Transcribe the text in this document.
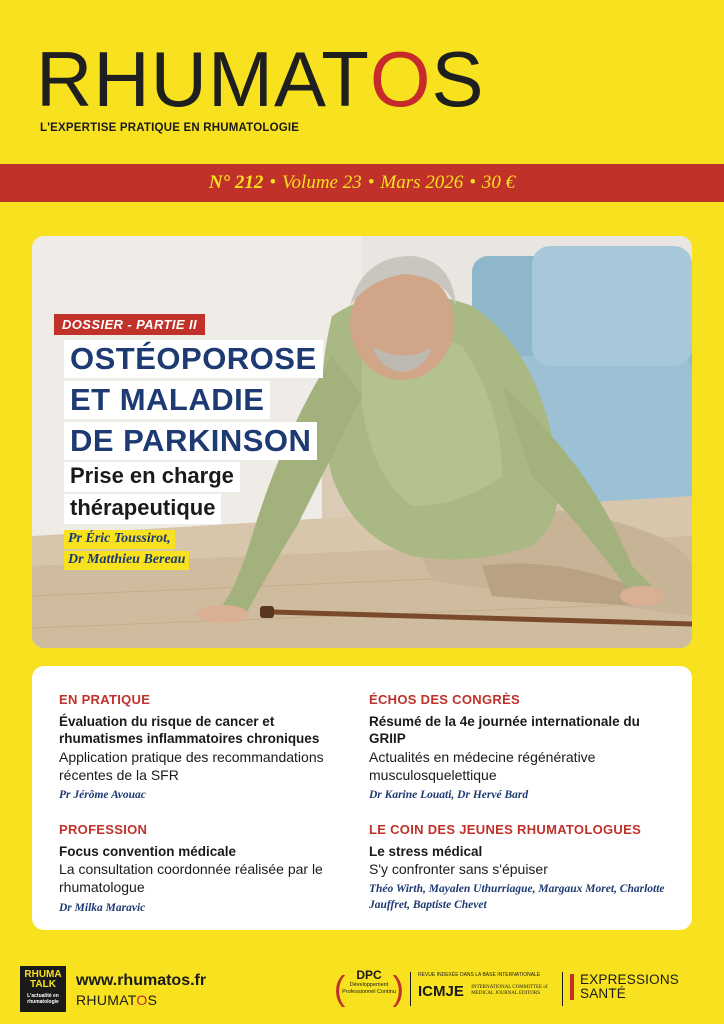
RHUMATOS
L'EXPERTISE PRATIQUE EN RHUMATOLOGIE
N° 212 • Volume 23 • Mars 2026 • 30 €
DOSSIER - PARTIE II
OSTÉOPOROSE
ET MALADIE
DE PARKINSON
Prise en charge
thérapeutique
Pr Éric Toussirot,
Dr Matthieu Bereau
EN PRATIQUE
Évaluation du risque de cancer et rhumatismes inflammatoires chroniques
Application pratique des recommandations récentes de la SFR
Pr Jérôme Avouac
PROFESSION
Focus convention médicale
La consultation coordonnée réalisée par le rhumatologue
Dr Milka Maravic
ÉCHOS DES CONGRÈS
Résumé de la 4e journée internationale du GRIIP
Actualités en médecine régénérative musculosquelettique
Dr Karine Louati, Dr Hervé Bard
LE COIN DES JEUNES RHUMATOLOGUES
Le stress médical
S'y confronter sans s'épuiser
Théo Wirth, Mayalen Uthurriague, Margaux Moret, Charlotte Jauffret, Baptiste Chevet
RHUMA
TALK
L'actualité en rhumatologie
www.rhumatos.fr
RHUMATOS	( )
DPC
Développement Professionnel Continu
REVUE INDEXÉE DANS LA BASE INTERNATIONALE
ICMJE INTERNATIONAL COMMITTEE of MEDICAL JOURNAL EDITORS
EXPRESSIONS
SANTÉ
